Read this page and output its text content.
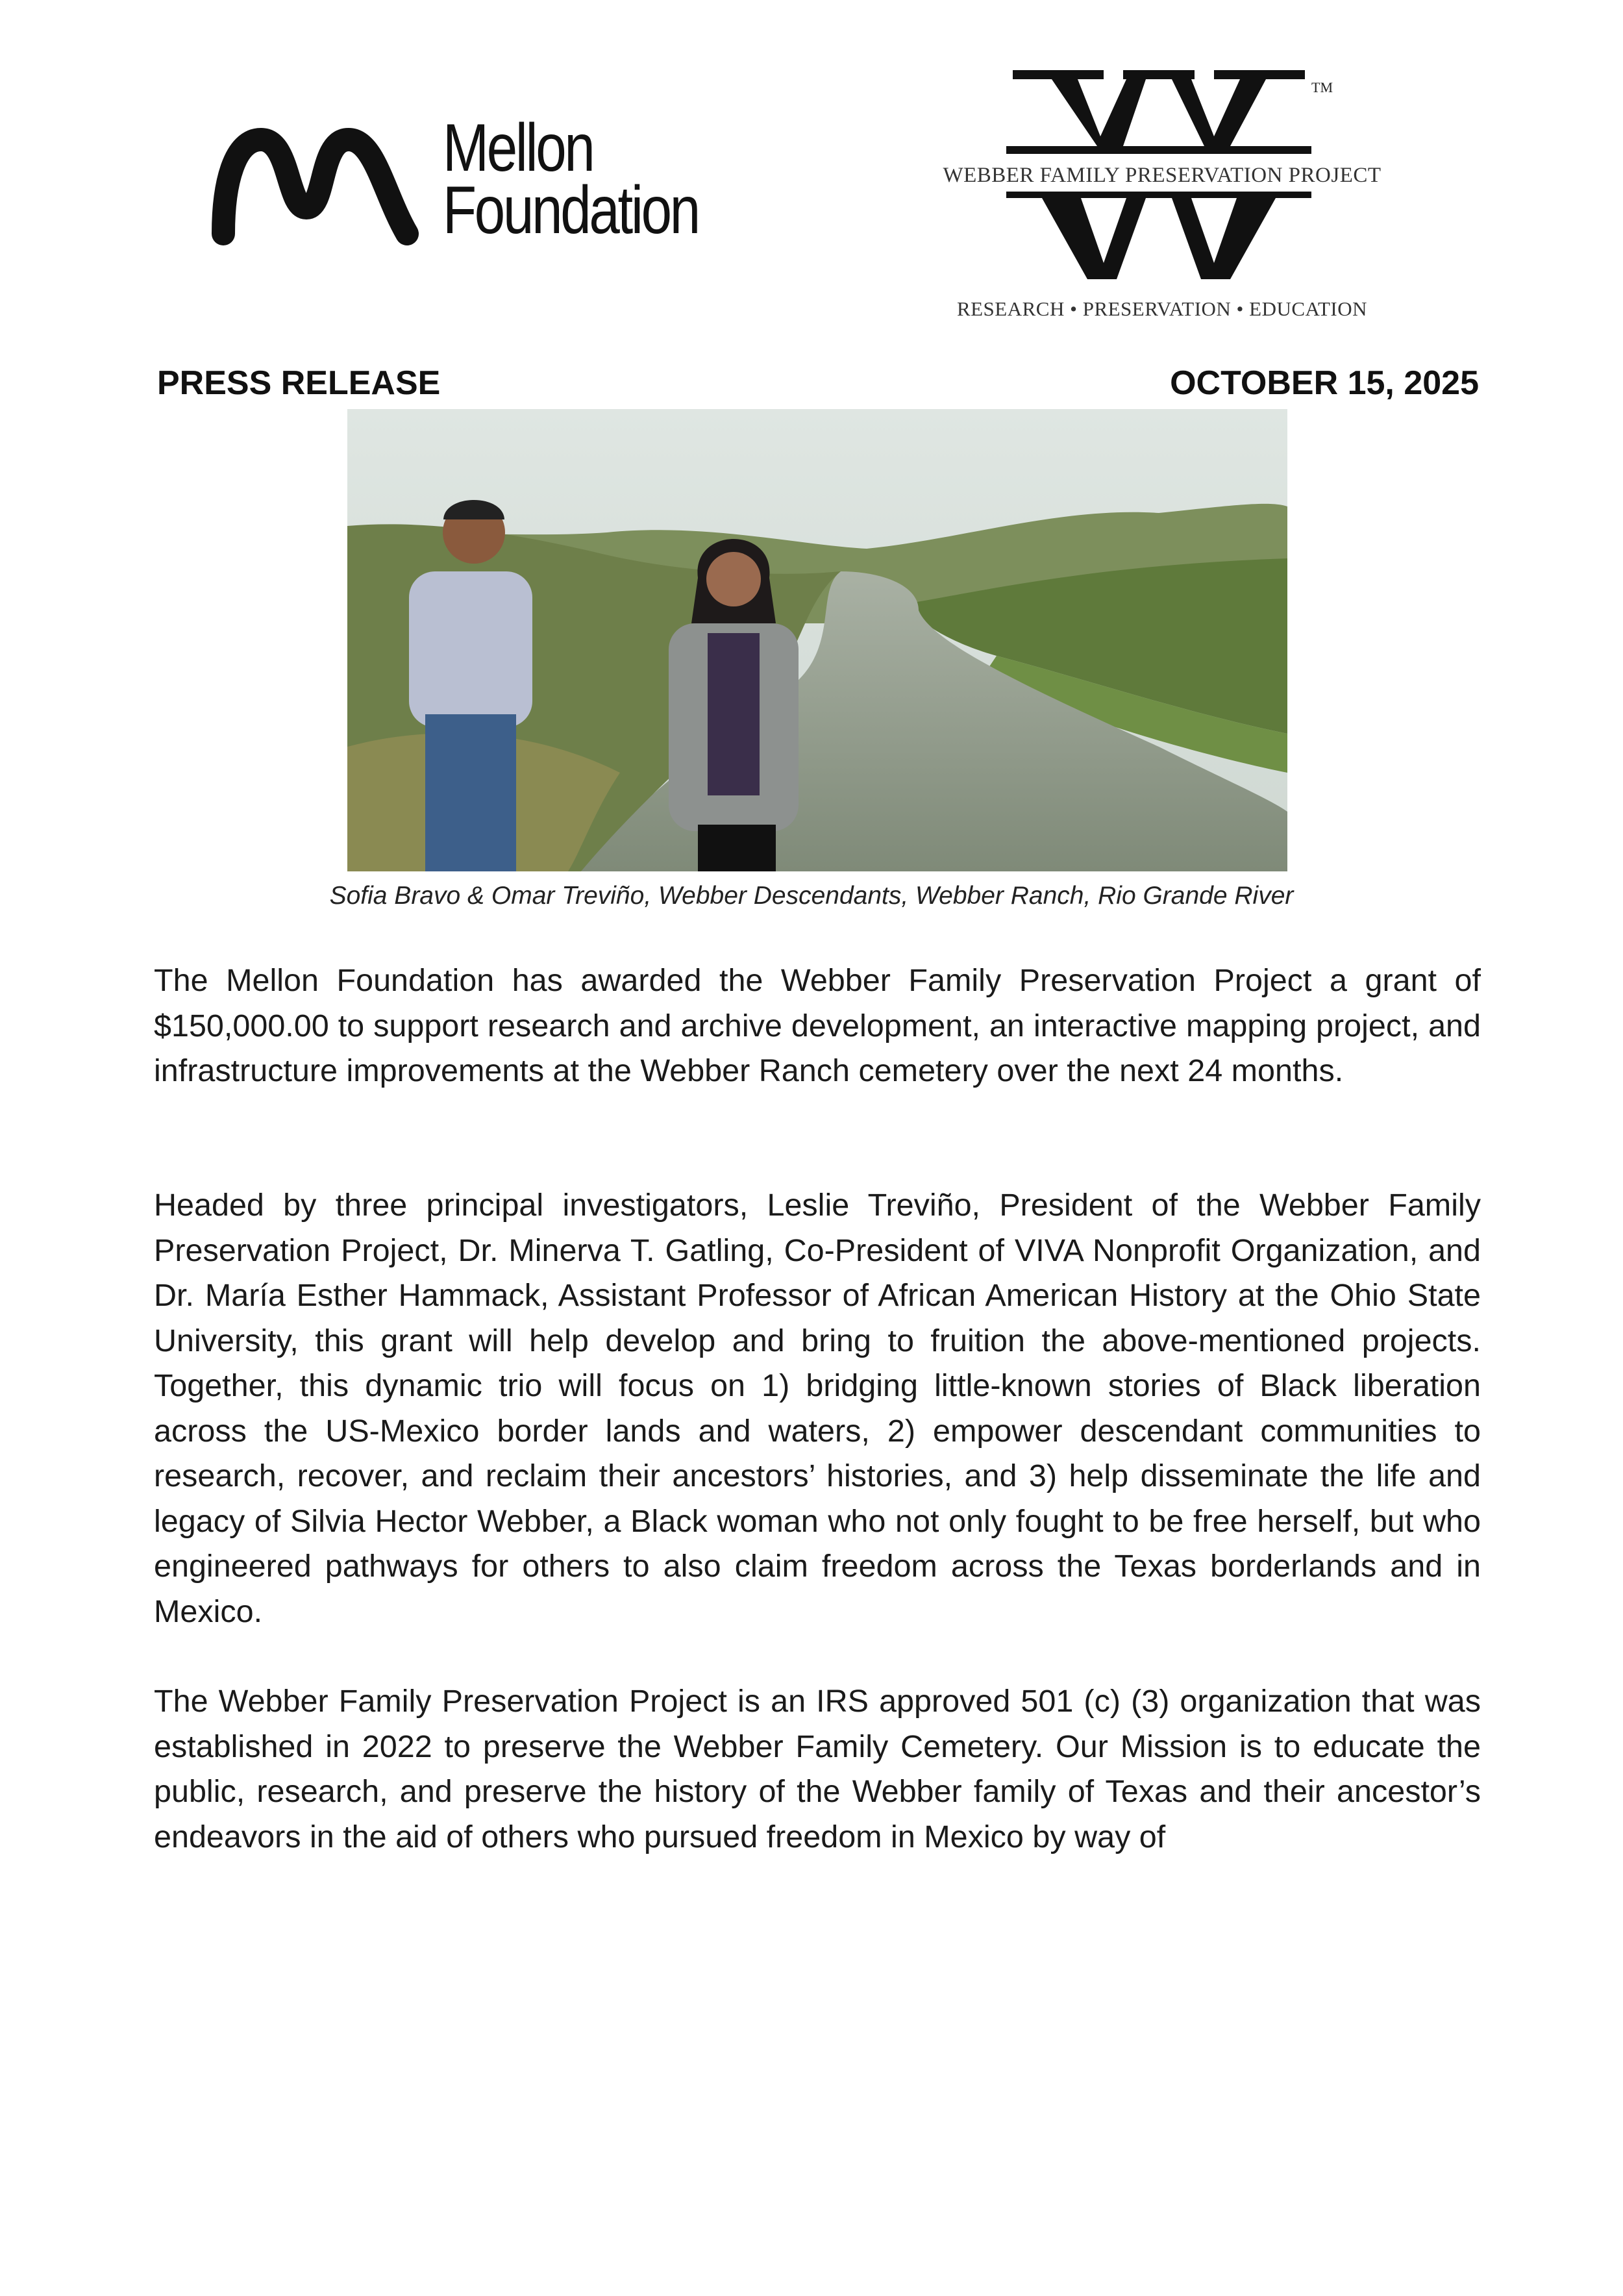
Mellon
Foundation
TM
WEBBER FAMILY PRESERVATION PROJECT
RESEARCH • PRESERVATION • EDUCATION
PRESS RELEASE	OCTOBER 15, 2025
Sofia Bravo & Omar Treviño, Webber Descendants, Webber Ranch, Rio Grande River

The Mellon Foundation has awarded the Webber Family Preservation Project a grant of $150,000.00 to support research and archive development, an interactive mapping project, and infrastructure improvements at the Webber Ranch cemetery over the next 24 months.

Headed by three principal investigators, Leslie Treviño, President of the Webber Family Preservation Project, Dr. Minerva T. Gatling, Co-President of VIVA Nonprofit Organization, and Dr. María Esther Hammack, Assistant Professor of African American History at the Ohio State University, this grant will help develop and bring to fruition the above-mentioned projects. Together, this dynamic trio will focus on 1) bridging little-known stories of Black liberation across the US-Mexico border lands and waters, 2) empower descendant communities to research, recover, and reclaim their ancestors’ histories, and 3) help disseminate the life and legacy of Silvia Hector Webber, a Black woman who not only fought to be free herself, but who engineered pathways for others to also claim freedom across the Texas borderlands and in Mexico.

The Webber Family Preservation Project is an IRS approved 501 (c) (3) organization that was established in 2022 to preserve the Webber Family Cemetery. Our Mission is to educate the public, research, and preserve the history of the Webber family of Texas and their ancestor’s endeavors in the aid of others who pursued freedom in Mexico by way of
